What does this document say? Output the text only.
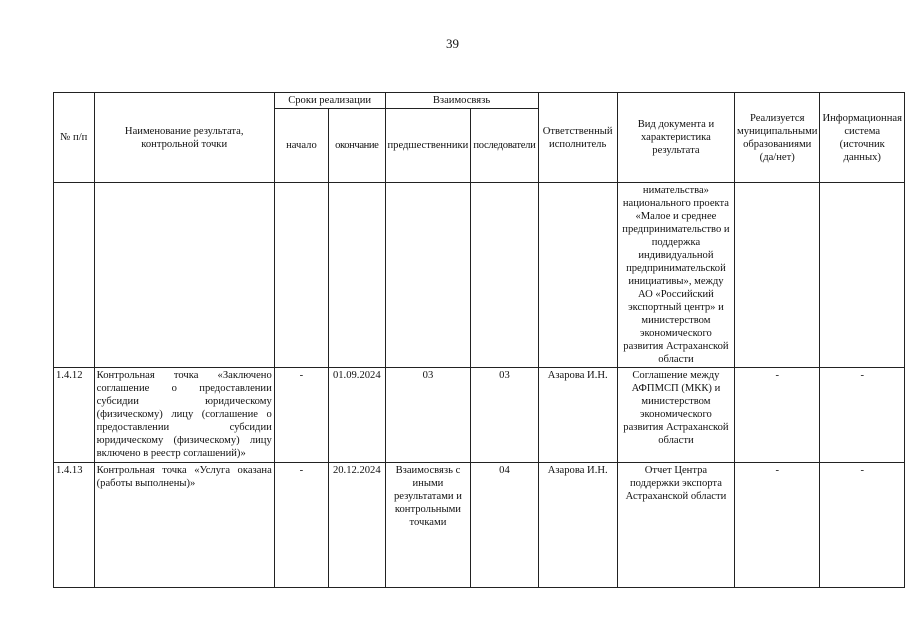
39
№ п/п	Наименование результата, контрольной точки	Сроки реализации		Взаимосвязь		Ответственный исполнитель	Вид документа и характеристика результата	Реализуется муниципальными образованиями (да/нет)	Информационная система (источник данных)
		начало	окончание	предшественники	последователи				
							нимательства» национального проекта «Малое и среднее предпринимательство и поддержка индивидуальной предпринимательской инициативы», между АО «Российский экспортный центр» и министерством экономического развития Астраханской области		
1.4.12	Контрольная точка «Заключено соглашение о предоставлении субсидии юридическому (физическому) лицу (соглашение о предоставлении субсидии юридическому (физическому) лицу включено в реестр соглашений)»	-	01.09.2024	03	03	Азарова И.Н.	Соглашение между АФПМСП (МКК) и министерством экономического развития Астраханской области	-	-
1.4.13	Контрольная точка «Услуга оказана (работы выполнены)»	-	20.12.2024	Взаимосвязь с иными результатами и контрольными точками	04	Азарова И.Н.	Отчет Центра поддержки экспорта Астраханской области	-	-
